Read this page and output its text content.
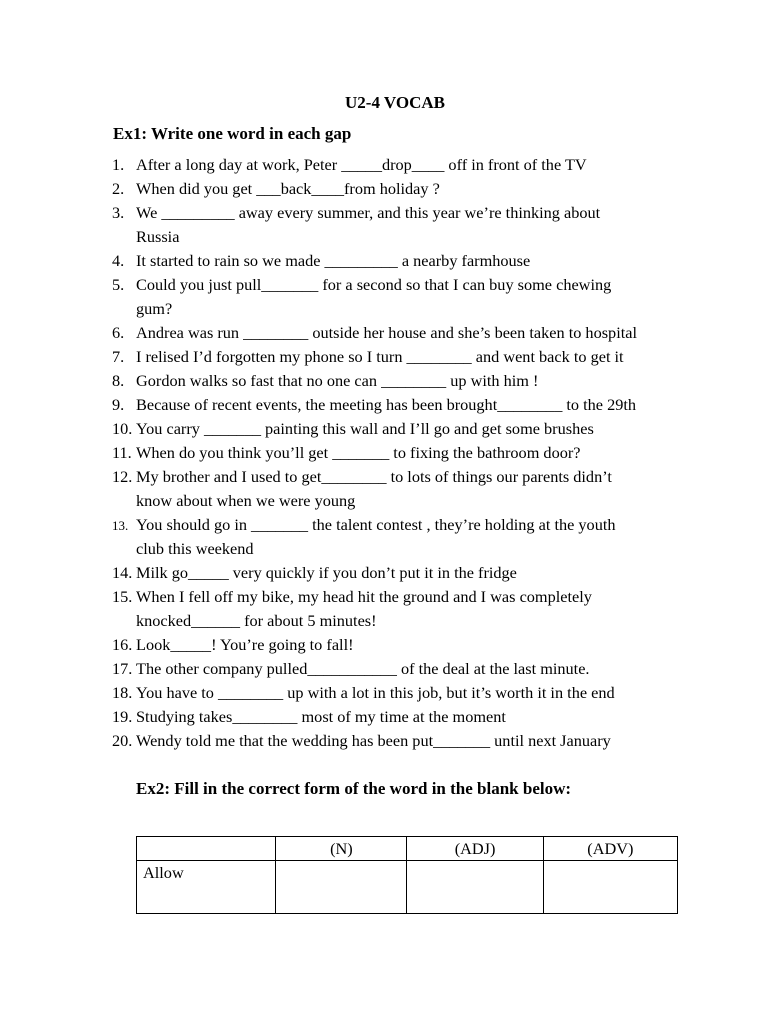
U2-4 VOCAB
Ex1: Write one word in each gap
1. After a long day at work, Peter _____drop____ off in front of the TV
2. When did you get ___back____from holiday ?
3. We _________ away every summer, and this year we’re thinking about
Russia
4. It started to rain so we made _________ a nearby farmhouse
5. Could you just pull_______ for a second so that I can buy some chewing
gum?
6. Andrea was run ________ outside her house and she’s been taken to hospital
7. I relised I’d forgotten my phone so I turn ________ and went back to get it
8. Gordon walks so fast that no one can ________ up with him !
9. Because of recent events, the meeting has been brought________ to the 29th
10. You carry _______ painting this wall and I’ll go and get some brushes
11. When do you think you’ll get _______ to fixing the bathroom door?
12. My brother and I used to get________ to lots of things our parents didn’t
know about when we were young
13. You should go in _______ the talent contest , they’re holding at the youth
club this weekend
14. Milk go_____ very quickly if you don’t put it in the fridge
15. When I fell off my bike, my head hit the ground and I was completely
knocked______ for about 5 minutes!
16. Look_____! You’re going to fall!
17. The other company pulled___________ of the deal at the last minute.
18. You have to ________ up with a lot in this job, but it’s worth it in the end
19. Studying takes________ most of my time at the moment
20. Wendy told me that the wedding has been put_______ until next January
Ex2: Fill in the correct form of the word in the blank below:
	(N)	(ADJ)	(ADV)
Allow			
